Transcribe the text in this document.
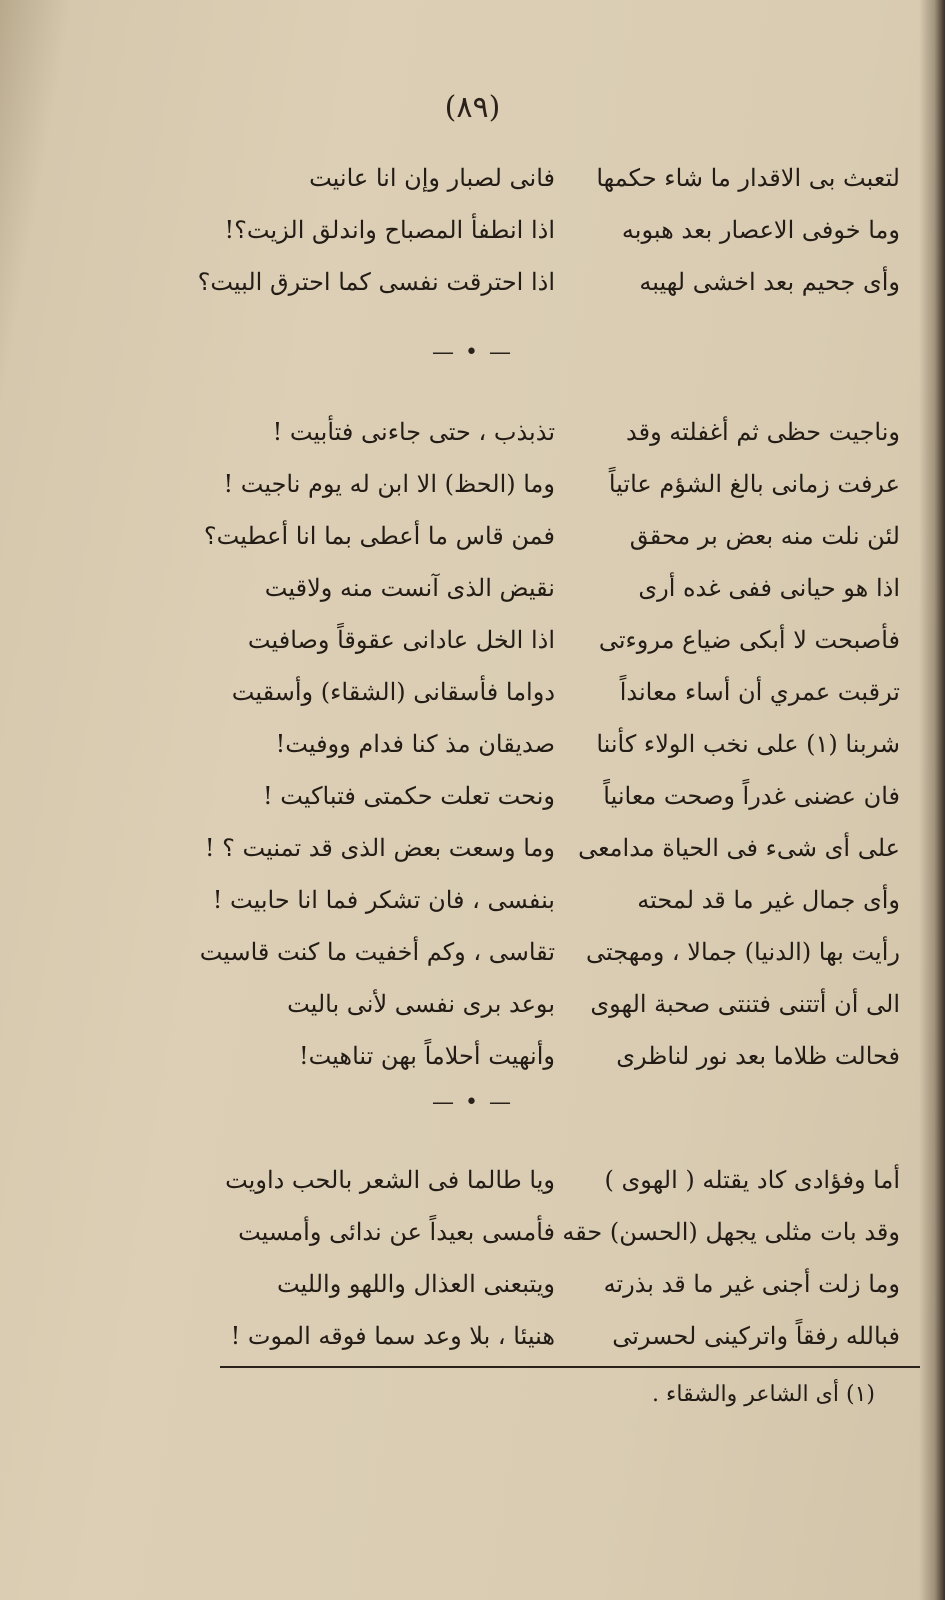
(٨٩)
لتعبث بى الاقدار ما شاء حكمها
فانى لصبار وإن انا عانيت
وما خوفى الاعصار بعد هبوبه
اذا انطفأ المصباح واندلق الزيت؟!
وأى جحيم بعد اخشى لهيبه
اذا احترقت نفسى كما احترق البيت؟
— • —
وناجيت حظى ثم أغفلته وقد
تذبذب ، حتى جاءنى فتأبيت !
عرفت زمانى بالغ الشؤم عاتياً
وما (الحظ) الا ابن له يوم ناجيت !
لئن نلت منه بعض بر محقق
فمن قاس ما أعطى بما انا أعطيت؟
اذا هو حيانى ففى غده أرى
نقيض الذى آنست منه ولاقيت
فأصبحت لا أبكى ضياع مروءتى
اذا الخل عادانى عقوقاً وصافيت
ترقبت عمري أن أساء معانداً
دواما فأسقانى (الشقاء) وأسقيت
شربنا (١) على نخب الولاء كأننا
صديقان مذ كنا فدام ووفيت!
فان عضنى غدراً وصحت معانياً
ونحت تعلت حكمتى فتباكيت !
على أى شىء فى الحياة مدامعى
وما وسعت بعض الذى قد تمنيت ؟ !
وأى جمال غير ما قد لمحته
بنفسى ، فان تشكر فما انا حابيت !
رأيت بها (الدنيا) جمالا ، ومهجتى
تقاسى ، وكم أخفيت ما كنت قاسيت
الى أن أتتنى فتنتى صحبة الهوى
بوعد برى نفسى لأنى باليت
فحالت ظلاما بعد نور لناظرى
وأنهيت أحلاماً بهن تناهيت!
— • —
أما وفؤادى كاد يقتله ( الهوى )
ويا طالما فى الشعر بالحب داويت
وقد بات مثلى يجهل (الحسن) حقه
فأمسى بعيداً عن ندائى وأمسيت
وما زلت أجنى غير ما قد بذرته
ويتبعنى العذال واللهو والليت
فبالله رفقاً واتركينى لحسرتى
هنيئا ، بلا وعد سما فوقه الموت !
(١) أى الشاعر والشقاء .
